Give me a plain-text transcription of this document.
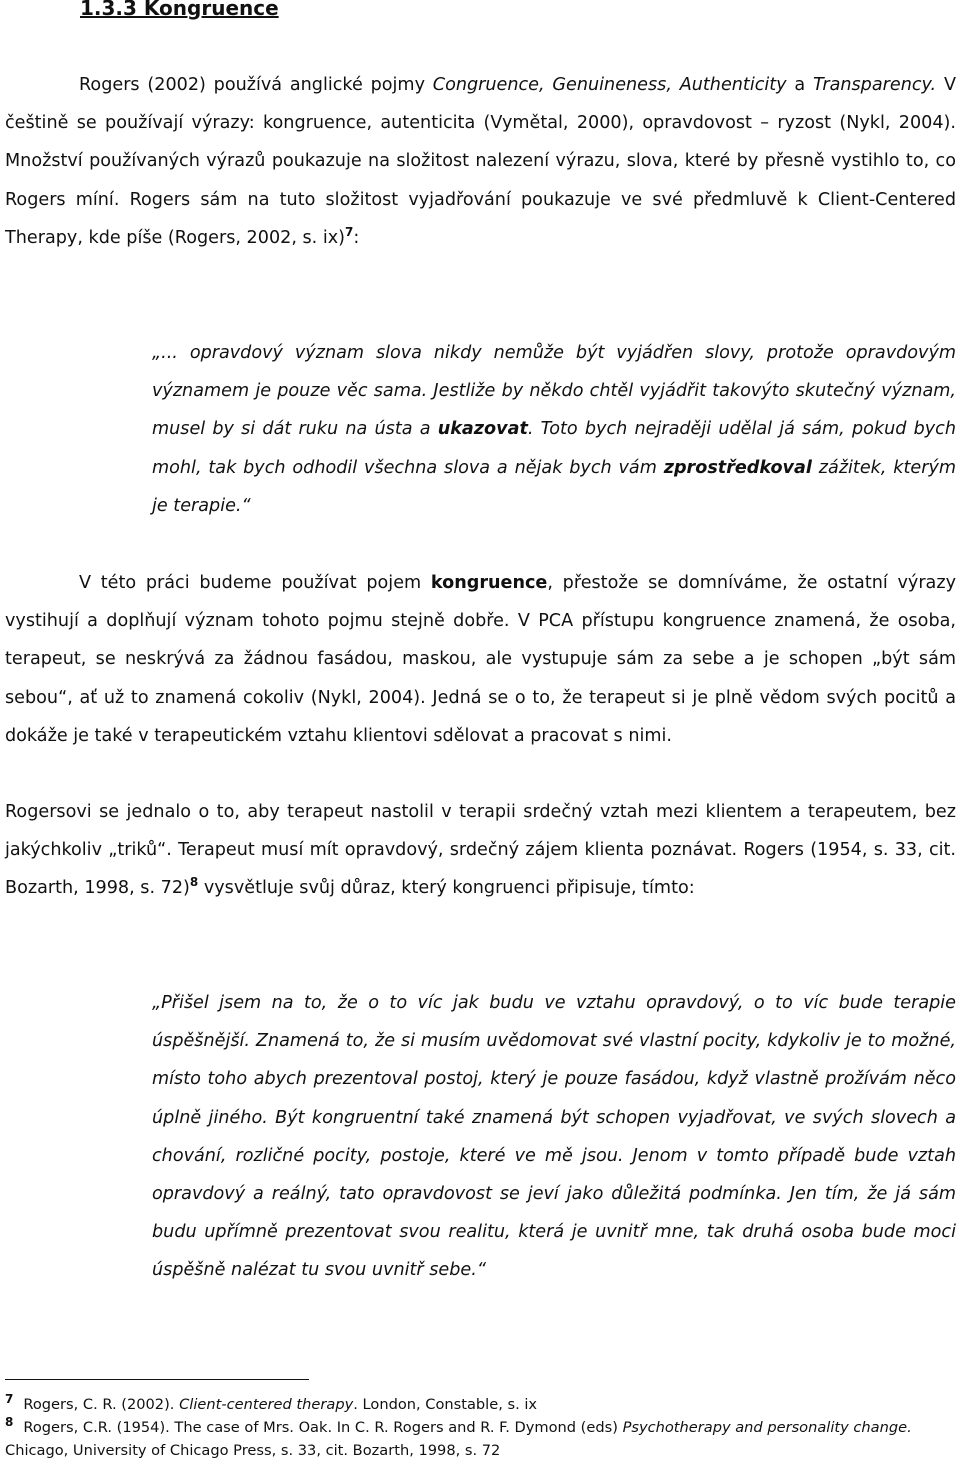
1.3.3 Kongruence

Rogers (2002) používá anglické pojmy Congruence, Genuineness, Authenticity a Transparency. V češtině se používají výrazy: kongruence, autenticita (Vymětal, 2000), opravdovost – ryzost (Nykl, 2004). Množství používaných výrazů poukazuje na složitost nalezení výrazu, slova, které by přesně vystihlo to, co Rogers míní. Rogers sám na tuto složitost vyjadřování poukazuje ve své předmluvě k Client-Centered Therapy, kde píše (Rogers, 2002, s. ix)$^7$:

„... opravdový význam slova nikdy nemůže být vyjádřen slovy, protože opravdovým významem je pouze věc sama. Jestliže by někdo chtěl vyjádřit takovýto skutečný význam, musel by si dát ruku na ústa a ukazovat. Toto bych nejraději udělal já sám, pokud bych mohl, tak bych odhodil všechna slova a nějak bych vám zprostředkoval zážitek, kterým je terapie.“

V této práci budeme používat pojem kongruence, přestože se domníváme, že ostatní výrazy vystihují a doplňují význam tohoto pojmu stejně dobře. V PCA přístupu kongruence znamená, že osoba, terapeut, se neskrývá za žádnou fasádou, maskou, ale vystupuje sám za sebe a je schopen „být sám sebou“, ať už to znamená cokoliv (Nykl, 2004). Jedná se o to, že terapeut si je plně vědom svých pocitů a dokáže je také v terapeutickém vztahu klientovi sdělovat a pracovat s nimi.

Rogersovi se jednalo o to, aby terapeut nastolil v terapii srdečný vztah mezi klientem a terapeutem, bez jakýchkoliv „triků“. Terapeut musí mít opravdový, srdečný zájem klienta poznávat. Rogers (1954, s. 33, cit. Bozarth, 1998, s. 72)$^8$ vysvětluje svůj důraz, který kongruenci připisuje, tímto:

„Přišel jsem na to, že o to víc jak budu ve vztahu opravdový, o to víc bude terapie úspěšnější. Znamená to, že si musím uvědomovat své vlastní pocity, kdykoliv je to možné, místo toho abych prezentoval postoj, který je pouze fasádou, když vlastně prožívám něco úplně jiného. Být kongruentní také znamená být schopen vyjadřovat, ve svých slovech a chování, rozličné pocity, postoje, které ve mě jsou. Jenom v tomto případě bude vztah opravdový a reálný, tato opravdovost se jeví jako důležitá podmínka. Jen tím, že já sám budu upřímně prezentovat svou realitu, která je uvnitř mne, tak druhá osoba bude moci úspěšně nalézat tu svou uvnitř sebe.“

$^7$ Rogers, C. R. (2002). Client-centered therapy. London, Constable, s. ix

$^8$ Rogers, C.R. (1954). The case of Mrs. Oak. In C. R. Rogers and R. F. Dymond (eds) Psychotherapy and personality change. Chicago, University of Chicago Press, s. 33, cit. Bozarth, 1998, s. 72
